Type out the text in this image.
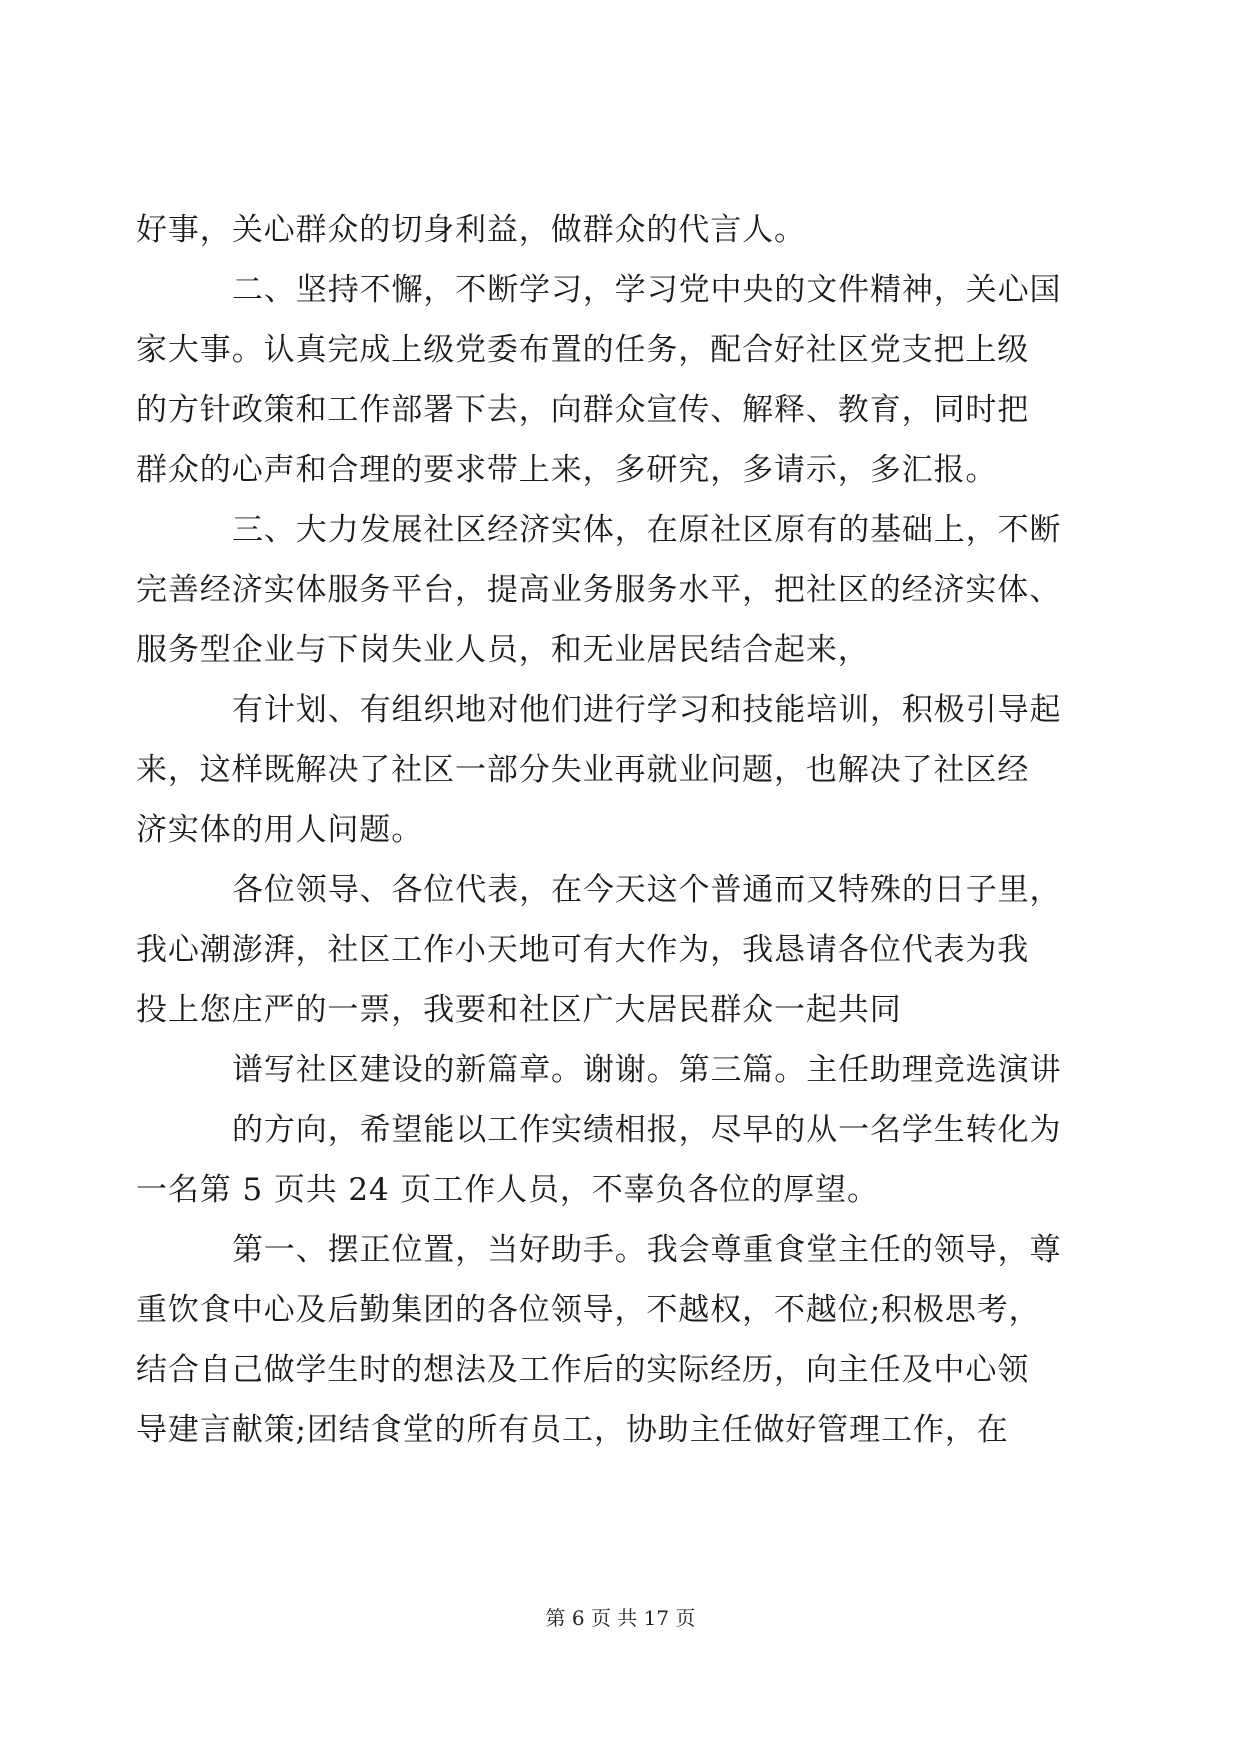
好事，关心群众的切身利益，做群众的代言人。
二、坚持不懈，不断学习，学习党中央的文件精神，关心国
家大事。认真完成上级党委布置的任务，配合好社区党支把上级
的方针政策和工作部署下去，向群众宣传、解释、教育，同时把
群众的心声和合理的要求带上来，多研究，多请示，多汇报。
三、大力发展社区经济实体，在原社区原有的基础上，不断
完善经济实体服务平台，提高业务服务水平，把社区的经济实体、
服务型企业与下岗失业人员，和无业居民结合起来，
有计划、有组织地对他们进行学习和技能培训，积极引导起
来，这样既解决了社区一部分失业再就业问题，也解决了社区经
济实体的用人问题。
各位领导、各位代表，在今天这个普通而又特殊的日子里，
我心潮澎湃，社区工作小天地可有大作为，我恳请各位代表为我
投上您庄严的一票，我要和社区广大居民群众一起共同
谱写社区建设的新篇章。谢谢。第三篇。主任助理竞选演讲
的方向，希望能以工作实绩相报，尽早的从一名学生转化为
一名第 5 页共 24 页工作人员，不辜负各位的厚望。
第一、摆正位置，当好助手。我会尊重食堂主任的领导，尊
重饮食中心及后勤集团的各位领导，不越权，不越位;积极思考，
结合自己做学生时的想法及工作后的实际经历，向主任及中心领
导建言献策;团结食堂的所有员工，协助主任做好管理工作，在
第 6 页 共 17 页
